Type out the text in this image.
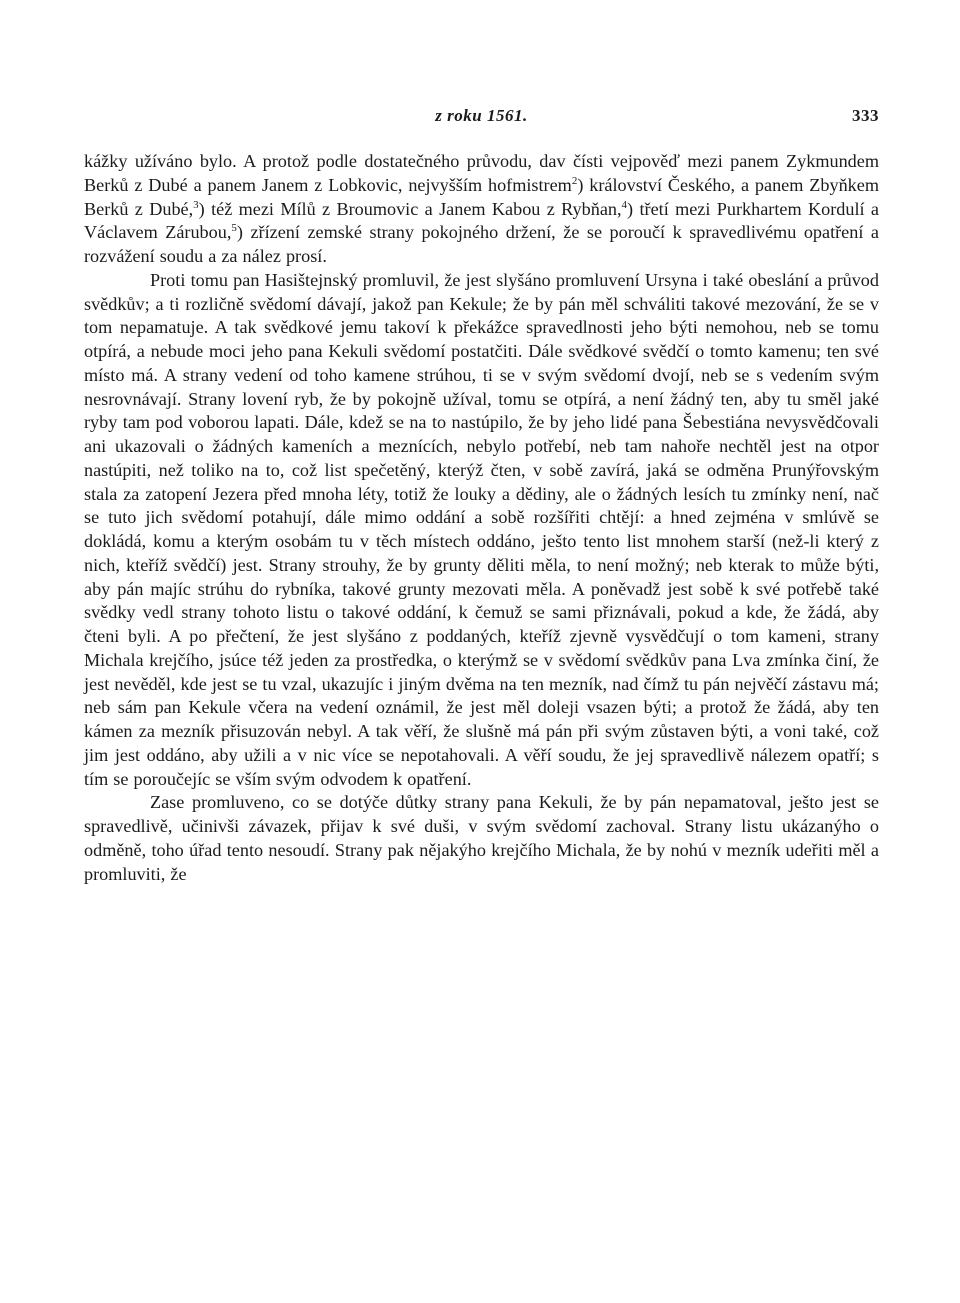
z roku 1561.	333

kážky užíváno bylo. A protož podle dostatečného průvodu, dav čísti vejpověď mezi panem Zykmundem Berků z Dubé a panem Janem z Lobkovic, nejvyšším hofmistrem$^2$) království Českého, a panem Zbyňkem Berků z Dubé,$^3$) též mezi Mílů z Broumovic a Janem Kabou z Rybňan,$^4$) třetí mezi Purkhartem Kordulí a Václavem Zárubou,$^5$) zřízení zemské strany pokojného držení, že se poroučí k spravedlivému opatření a rozvážení soudu a za nález prosí.

Proti tomu pan Hasištejnský promluvil, že jest slyšáno promluvení Ursyna i také obeslání a průvod svědkův; a ti rozličně svědomí dávají, jakož pan Kekule; že by pán měl schváliti takové mezování, že se v tom nepamatuje. A tak svědkové jemu takoví k překážce spravedlnosti jeho býti nemohou, neb se tomu otpírá, a nebude moci jeho pana Kekuli svědomí postatčiti. Dále svědkové svědčí o tomto kamenu; ten své místo má. A strany vedení od toho kamene strúhou, ti se v svým svědomí dvojí, neb se s vedením svým nesrovnávají. Strany lovení ryb, že by pokojně užíval, tomu se otpírá, a není žádný ten, aby tu směl jaké ryby tam pod voborou lapati. Dále, kdež se na to nastúpilo, že by jeho lidé pana Šebestiána nevysvědčovali ani ukazovali o žádných kameních a meznících, nebylo potřebí, neb tam nahoře nechtěl jest na otpor nastúpiti, než toliko na to, což list spečetěný, kterýž čten, v sobě zavírá, jaká se odměna Prunýřovským stala za zatopení Jezera před mnoha léty, totiž že louky a dědiny, ale o žádných lesích tu zmínky není, nač se tuto jich svědomí potahují, dále mimo oddání a sobě rozšířiti chtějí: a hned zejména v smlúvě se dokládá, komu a kterým osobám tu v těch místech oddáno, ješto tento list mnohem starší (než-li který z nich, kteříž svědčí) jest. Strany strouhy, že by grunty děliti měla, to není možný; neb kterak to může býti, aby pán majíc strúhu do rybníka, takové grunty mezovati měla. A poněvadž jest sobě k své potřebě také svědky vedl strany tohoto listu o takové oddání, k čemuž se sami přiznávali, pokud a kde, že žádá, aby čteni byli. A po přečtení, že jest slyšáno z poddaných, kteříž zjevně vysvědčují o tom kameni, strany Michala krejčího, jsúce též jeden za prostředka, o kterýmž se v svědomí svědkův pana Lva zmínka činí, že jest nevěděl, kde jest se tu vzal, ukazujíc i jiným dvěma na ten mezník, nad čímž tu pán nejvěčí zástavu má; neb sám pan Kekule včera na vedení oznámil, že jest měl doleji vsazen býti; a protož že žádá, aby ten kámen za mezník přisuzován nebyl. A tak věří, že slušně má pán při svým zůstaven býti, a voni také, což jim jest oddáno, aby užili a v nic více se nepotahovali. A věří soudu, že jej spravedlivě nálezem opatří; s tím se poroučejíc se vším svým odvodem k opatření.

Zase promluveno, co se dotýče důtky strany pana Kekuli, že by pán nepamatoval, ješto jest se spravedlivě, učinivši závazek, přijav k své duši, v svým svědomí zachoval. Strany listu ukázanýho o odměně, toho úřad tento nesoudí. Strany pak nějakýho krejčího Michala, že by nohú v mezník udeřiti měl a promluviti, že
